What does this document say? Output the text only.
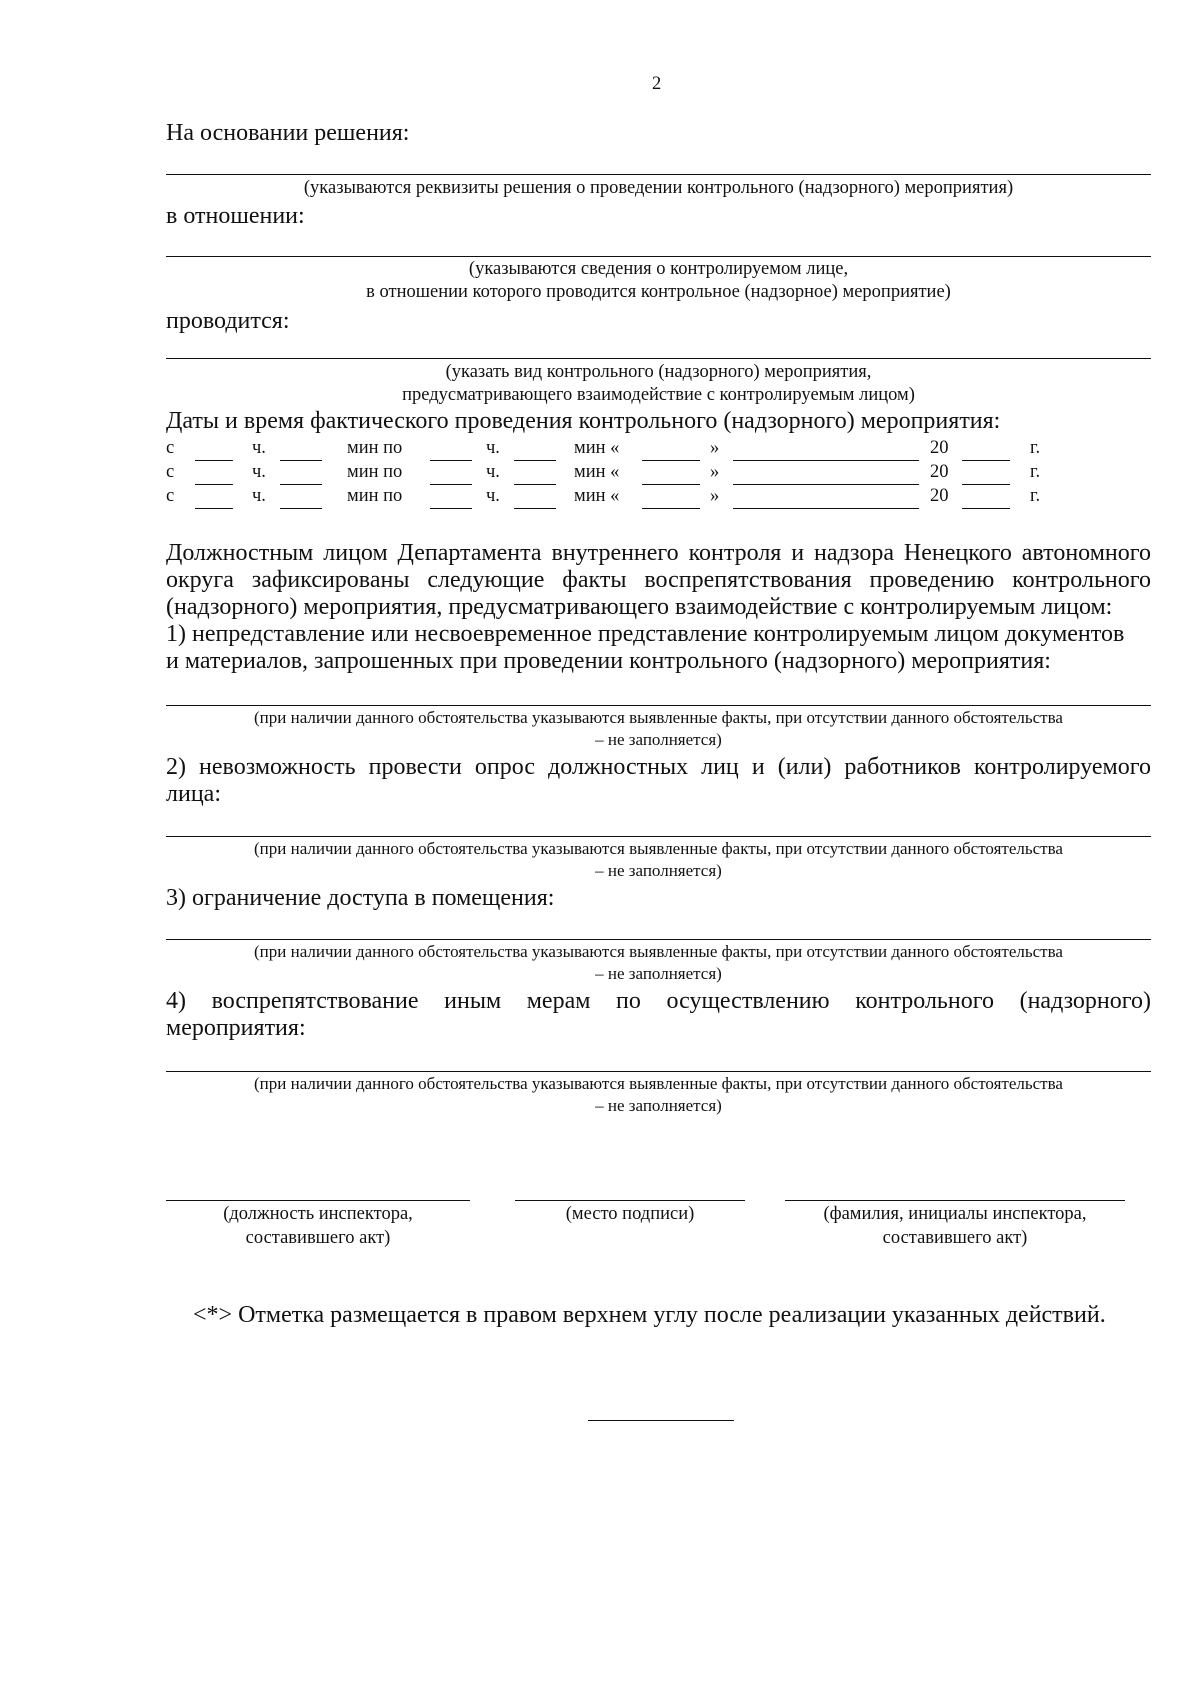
2
На основании решения:
(указываются реквизиты решения о проведении контрольного (надзорного) мероприятия)
в отношении:
(указываются сведения о контролируемом лице,
в отношении которого проводится контрольное (надзорное) мероприятие)
проводится:
(указать вид контрольного (надзорного) мероприятия,
предусматривающего взаимодействие с контролируемым лицом)
Даты и время фактического проведения контрольного (надзорного) мероприятия:
с	ч.	мин по	ч.	мин «	»	20	г.
с	ч.	мин по	ч.	мин «	»	20	г.
с	ч.	мин по	ч.	мин «	»	20	г.
Должностным лицом Департамента внутреннего контроля и надзора Ненецкого автономного
округа зафиксированы следующие факты воспрепятствования проведению контрольного
(надзорного) мероприятия, предусматривающего взаимодействие с контролируемым лицом:
1) непредставление или несвоевременное представление контролируемым лицом документов
и материалов, запрошенных при проведении контрольного (надзорного) мероприятия:
(при наличии данного обстоятельства указываются выявленные факты, при отсутствии данного обстоятельства
– не заполняется)
2) невозможность провести опрос должностных лиц и (или) работников контролируемого
лица:
(при наличии данного обстоятельства указываются выявленные факты, при отсутствии данного обстоятельства
– не заполняется)
3) ограничение доступа в помещения:
(при наличии данного обстоятельства указываются выявленные факты, при отсутствии данного обстоятельства
– не заполняется)
4) воспрепятствование иным мерам по осуществлению контрольного (надзорного)
мероприятия:
(при наличии данного обстоятельства указываются выявленные факты, при отсутствии данного обстоятельства
– не заполняется)
(должность инспектора,
составившего акт)
(место подписи)	(фамилия, инициалы инспектора,
составившего акт)
<*> Отметка размещается в правом верхнем углу после реализации указанных действий.
